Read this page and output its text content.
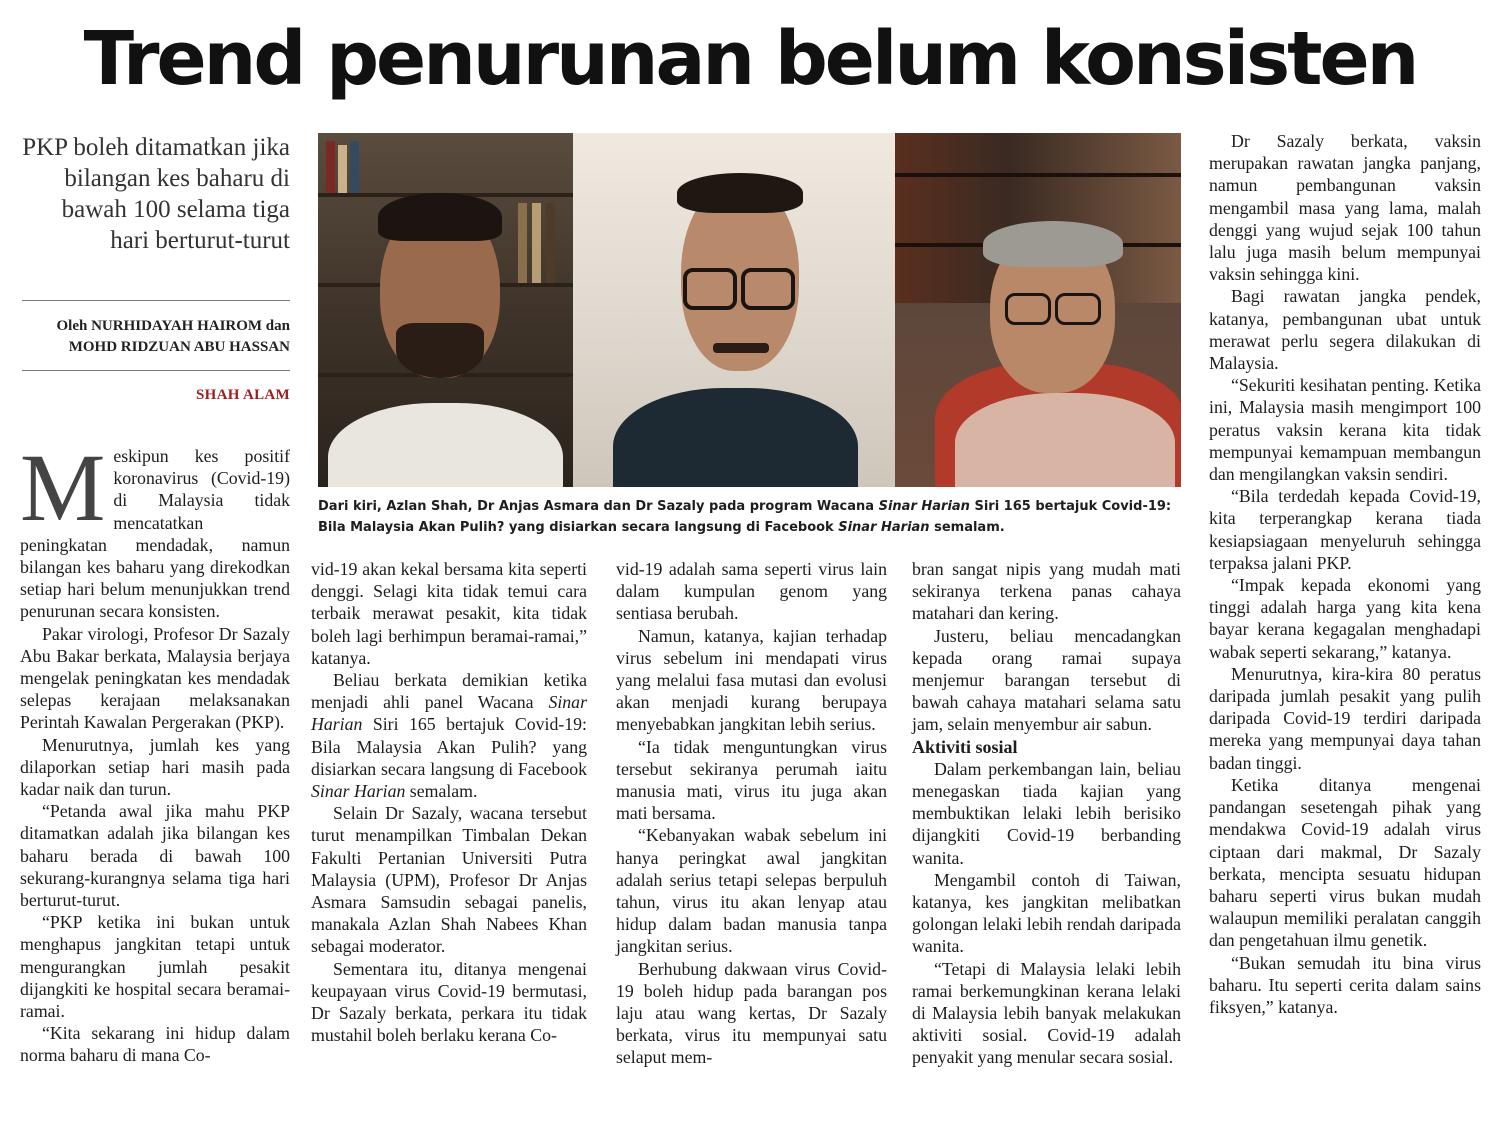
Trend penurunan belum konsisten
PKP boleh ditamatkan jika bilangan kes baharu di bawah 100 selama tiga hari berturut-turut
Oleh NURHIDAYAH HAIROM dan
MOHD RIDZUAN ABU HASSAN
SHAH ALAM
Dari kiri, Azlan Shah, Dr Anjas Asmara dan Dr Sazaly pada program Wacana Sinar Harian Siri 165 bertajuk Covid-19: Bila Malaysia Akan Pulih? yang disiarkan secara langsung di Facebook Sinar Harian semalam.
M eskipun kes positif koronavirus (Covid-19) di Malaysia tidak mencatatkan peningkatan mendadak, namun bilangan kes baharu yang direkodkan setiap hari belum menunjukkan trend penurunan secara konsisten.

Pakar virologi, Profesor Dr Sazaly Abu Bakar berkata, Malaysia berjaya mengelak peningkatan kes mendadak selepas kerajaan melaksanakan Perintah Kawalan Pergerakan (PKP).

Menurutnya, jumlah kes yang dilaporkan setiap hari masih pada kadar naik dan turun.

“Petanda awal jika mahu PKP ditamatkan adalah jika bilangan kes baharu berada di bawah 100 sekurang-kurangnya selama tiga hari berturut-turut.

“PKP ketika ini bukan untuk menghapus jangkitan tetapi untuk mengurangkan jumlah pesakit dijangkiti ke hospital secara beramai-ramai.

“Kita sekarang ini hidup dalam norma baharu di mana Co-

vid-19 akan kekal bersama kita seperti denggi. Selagi kita tidak temui cara terbaik merawat pesakit, kita tidak boleh lagi berhimpun beramai-ramai,” katanya.

Beliau berkata demikian ketika menjadi ahli panel Wacana Sinar Harian Siri 165 bertajuk Covid-19: Bila Malaysia Akan Pulih? yang disiarkan secara langsung di Facebook Sinar Harian semalam.

Selain Dr Sazaly, wacana tersebut turut menampilkan Timbalan Dekan Fakulti Pertanian Universiti Putra Malaysia (UPM), Profesor Dr Anjas Asmara Samsudin sebagai panelis, manakala Azlan Shah Nabees Khan sebagai moderator.

Sementara itu, ditanya mengenai keupayaan virus Covid-19 bermutasi, Dr Sazaly berkata, perkara itu tidak mustahil boleh berlaku kerana Co-

vid-19 adalah sama seperti virus lain dalam kumpulan genom yang sentiasa berubah.

Namun, katanya, kajian terhadap virus sebelum ini mendapati virus yang melalui fasa mutasi dan evolusi akan menjadi kurang berupaya menyebabkan jangkitan lebih serius.

“Ia tidak menguntungkan virus tersebut sekiranya perumah iaitu manusia mati, virus itu juga akan mati bersama.

“Kebanyakan wabak sebelum ini hanya peringkat awal jangkitan adalah serius tetapi selepas berpuluh tahun, virus itu akan lenyap atau hidup dalam badan manusia tanpa jangkitan serius.

Berhubung dakwaan virus Covid-19 boleh hidup pada barangan pos laju atau wang kertas, Dr Sazaly berkata, virus itu mempunyai satu selaput mem-

bran sangat nipis yang mudah mati sekiranya terkena panas cahaya matahari dan kering.

Justeru, beliau mencadangkan kepada orang ramai supaya menjemur barangan tersebut di bawah cahaya matahari selama satu jam, selain menyembur air sabun.

Aktiviti sosial

Dalam perkembangan lain, beliau menegaskan tiada kajian yang membuktikan lelaki lebih berisiko dijangkiti Covid-19 berbanding wanita.

Mengambil contoh di Taiwan, katanya, kes jangkitan melibatkan golongan lelaki lebih rendah daripada wanita.

“Tetapi di Malaysia lelaki lebih ramai berkemungkinan kerana lelaki di Malaysia lebih banyak melakukan aktiviti sosial. Covid-19 adalah penyakit yang menular secara sosial.

Dr Sazaly berkata, vaksin merupakan rawatan jangka panjang, namun pembangunan vaksin mengambil masa yang lama, malah denggi yang wujud sejak 100 tahun lalu juga masih belum mempunyai vaksin sehingga kini.

Bagi rawatan jangka pendek, katanya, pembangunan ubat untuk merawat perlu segera dilakukan di Malaysia.

“Sekuriti kesihatan penting. Ketika ini, Malaysia masih mengimport 100 peratus vaksin kerana kita tidak mempunyai kemampuan membangun dan mengilangkan vaksin sendiri.

“Bila terdedah kepada Covid-19, kita terperangkap kerana tiada kesiapsiagaan menyeluruh sehingga terpaksa jalani PKP.

“Impak kepada ekonomi yang tinggi adalah harga yang kita kena bayar kerana kegagalan menghadapi wabak seperti sekarang,” katanya.

Menurutnya, kira-kira 80 peratus daripada jumlah pesakit yang pulih daripada Covid-19 terdiri daripada mereka yang mempunyai daya tahan badan tinggi.

Ketika ditanya mengenai pandangan sesetengah pihak yang mendakwa Covid-19 adalah virus ciptaan dari makmal, Dr Sazaly berkata, mencipta sesuatu hidupan baharu seperti virus bukan mudah walaupun memiliki peralatan canggih dan pengetahuan ilmu genetik.

“Bukan semudah itu bina virus baharu. Itu seperti cerita dalam sains fiksyen,” katanya.
